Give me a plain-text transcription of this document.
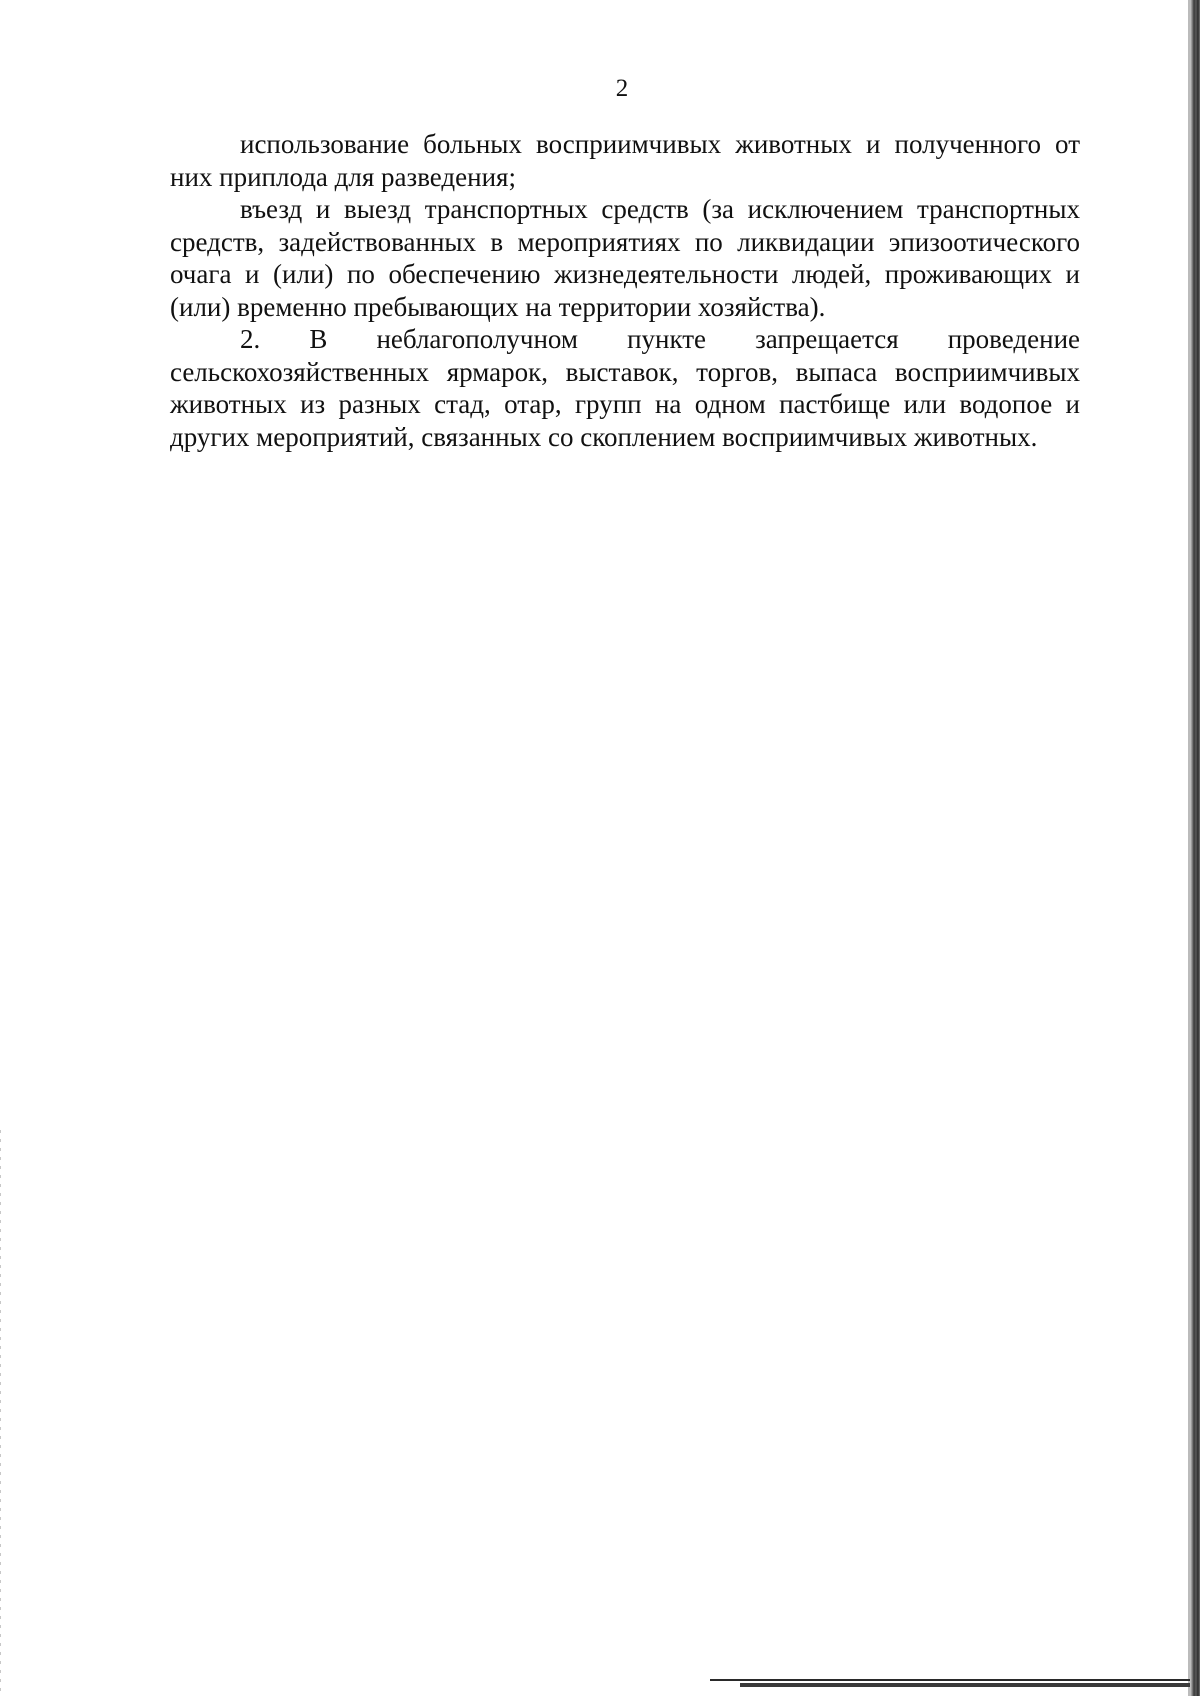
2

использование больных восприимчивых животных и полученного от них приплода для разведения;

въезд и выезд транспортных средств (за исключением транспортных средств, задействованных в мероприятиях по ликвидации эпизоотического очага и (или) по обеспечению жизнедеятельности людей, проживающих и (или) временно пребывающих на территории хозяйства).

2. В неблагополучном пункте запрещается проведение сельскохозяйственных ярмарок, выставок, торгов, выпаса восприимчивых животных из разных стад, отар, групп на одном пастбище или водопое и других мероприятий, связанных со скоплением восприимчивых животных.
